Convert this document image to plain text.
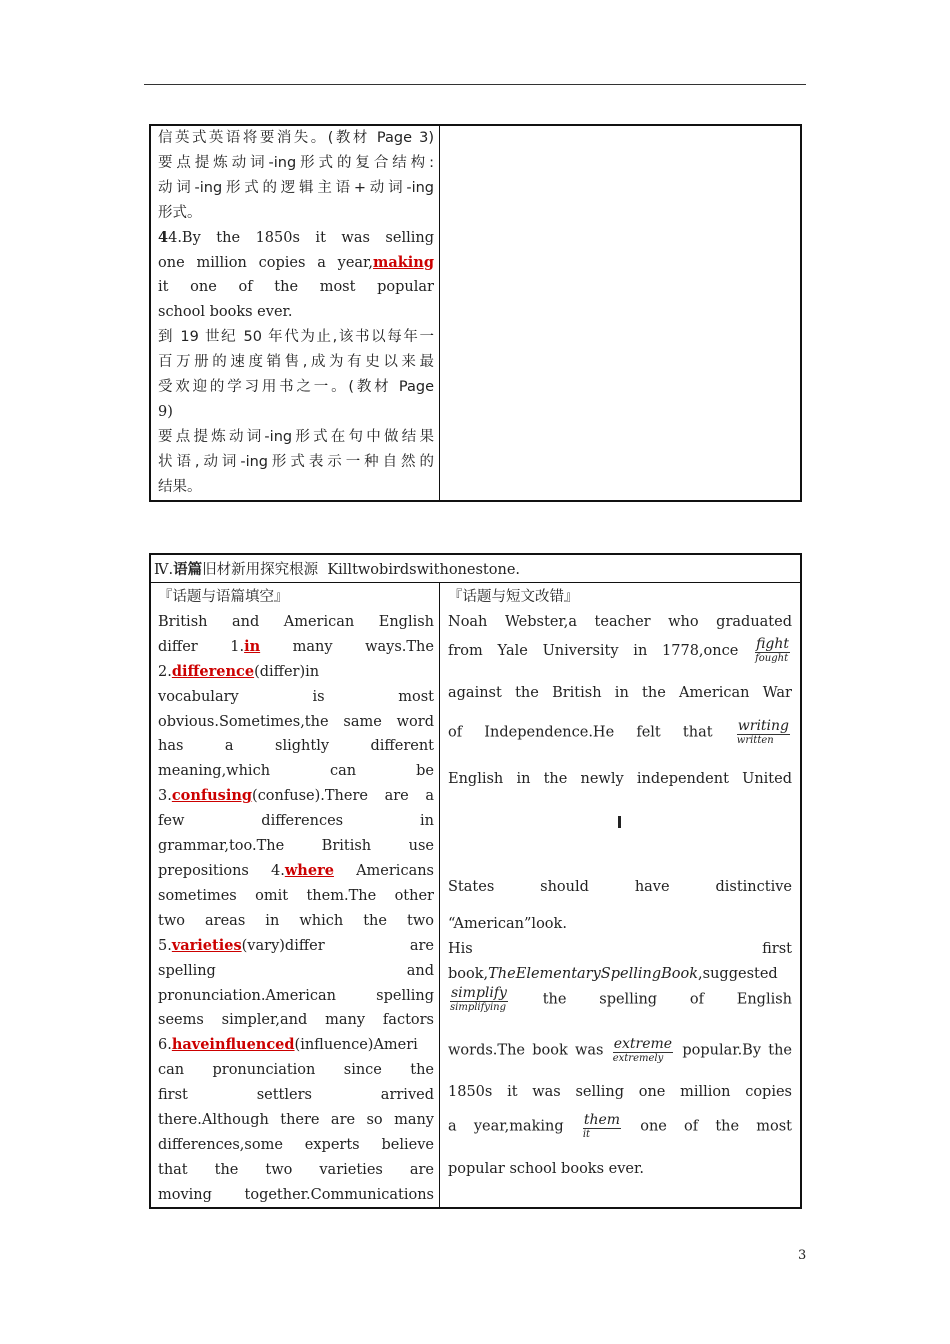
信英式英语将要消失。(教材 Page 3)

要点提炼动词-ing形式的复合结构:

动词-ing形式的逻辑主语+动词-ing

形式。

44.By the 1850s it was selling

one million copies a year,making

it one of the most popular

school books ever.

到 19 世纪 50 年代为止,该书以每年一

百万册的速度销售,成为有史以来最

受欢迎的学习用书之一。(教材 Page

9)

要点提炼动词-ing形式在句中做结果

状语,动词-ing形式表示一种自然的

结果。

Ⅳ.语篇旧材新用探究根源  Killtwobirdswithonestone.

『话题与语篇填空』

British and American English

differ 1.in many ways.The

2.difference(differ)in

vocabulary is most

obvious.Sometimes,the same word

has a slightly different

meaning,which can be

3.confusing(confuse).There are a

few differences in

grammar,too.The British use

prepositions 4.where Americans

sometimes omit them.The other

two areas in which the two

5.varieties(vary)differ are

spelling and

pronunciation.American spelling

seems simpler,and many factors

6.haveinfluenced(influence)Ameri

can pronunciation since the

first settlers arrived

there.Although there are so many

differences,some experts believe

that the two varieties are

moving together.Communications

『话题与短文改错』

Noah Webster,a teacher who graduated

from Yale University in 1778,once fight
fought

against the British in the American War

of Independence.He felt that writing
written

English in the newly independent United

States should have distinctive

“American”look.

His first

book,TheElementarySpellingBook,suggested

simplify
simplifying	the spelling of English

words.The book was extreme
extremely	popular.By the

1850s it was selling one million copies

a year,making them
it	one of the most

popular school books ever.

3
